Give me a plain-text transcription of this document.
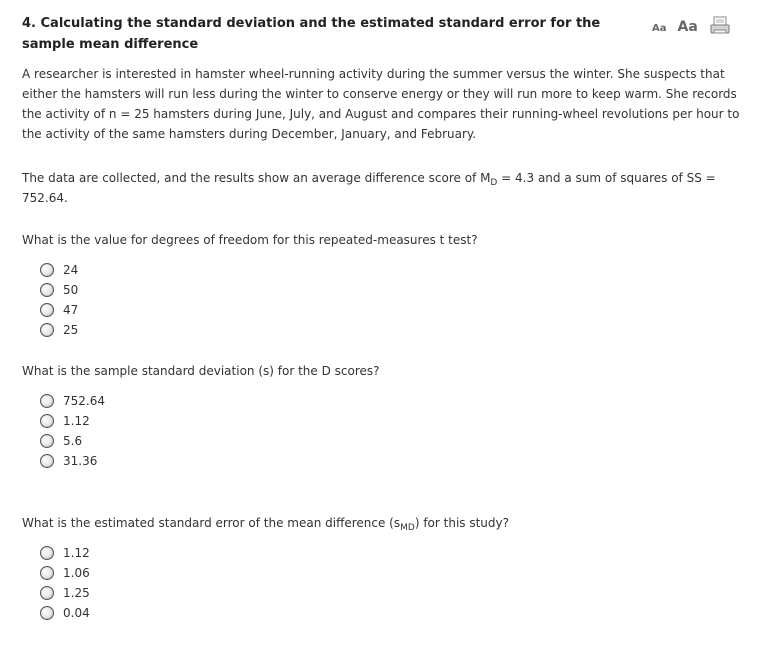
4. Calculating the standard deviation and the estimated standard error for the sample mean difference
Aa Aa
A researcher is interested in hamster wheel-running activity during the summer versus the winter. She suspects that either the hamsters will run less during the winter to conserve energy or they will run more to keep warm. She records the activity of n = 25 hamsters during June, July, and August and compares their running-wheel revolutions per hour to the activity of the same hamsters during December, January, and February.
The data are collected, and the results show an average difference score of $M_D = 4.3$ and a sum of squares of SS = 752.64.
What is the value for degrees of freedom for this repeated-measures t test?
24
50
47
25
What is the sample standard deviation (s) for the D scores?
752.64
1.12
5.6
31.36
What is the estimated standard error of the mean difference $(s_{MD})$ for this study?
1.12
1.06
1.25
0.04
